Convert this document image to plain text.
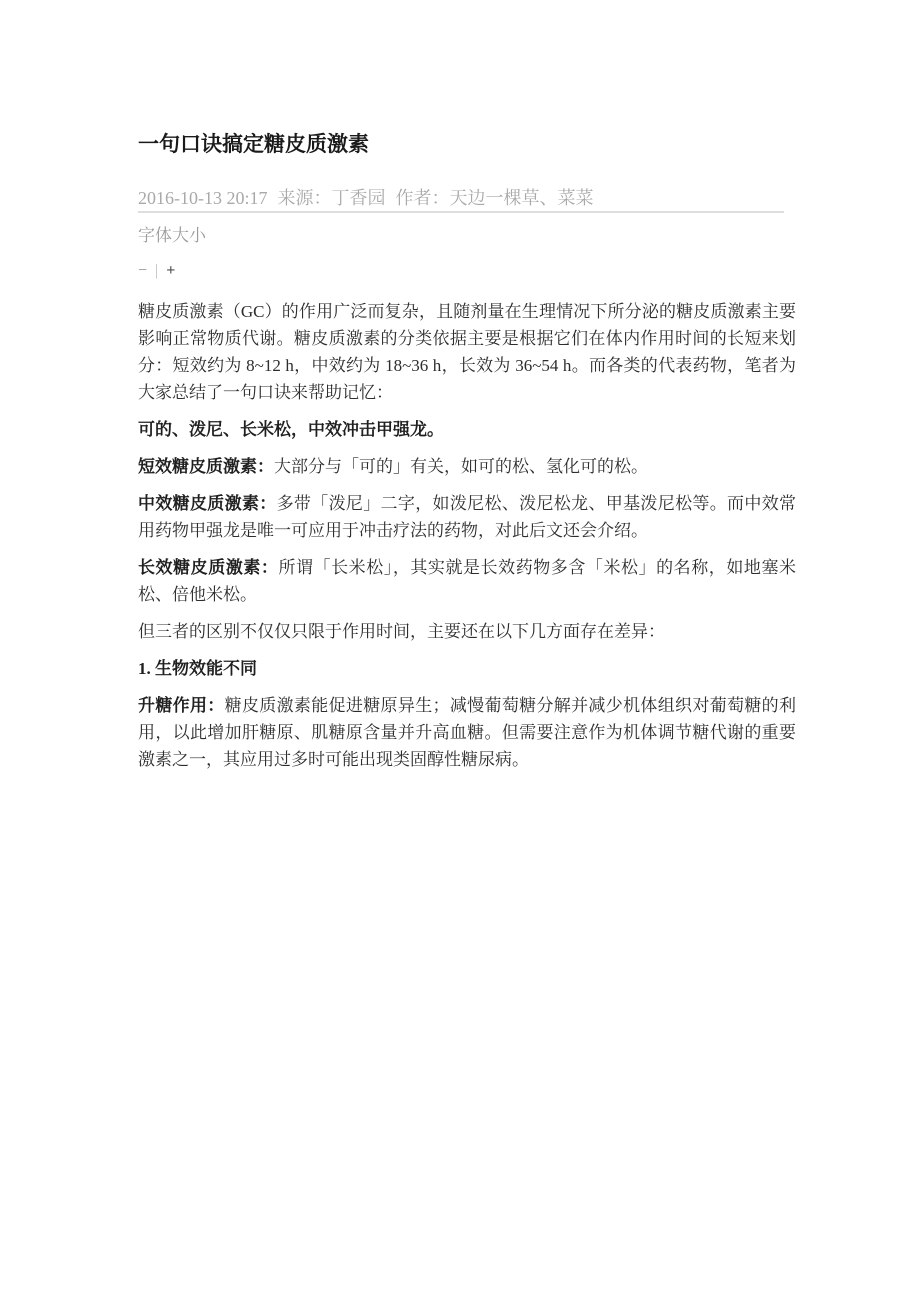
一句口诀搞定糖皮质激素
2016-10-13 20:17 来源：丁香园 作者：天边一棵草、菜菜
字体大小
− | +

糖皮质激素（GC）的作用广泛而复杂，且随剂量在生理情况下所分泌的糖皮质激素主要影响正常物质代谢。糖皮质激素的分类依据主要是根据它们在体内作用时间的长短来划分：短效约为 8~12 h，中效约为 18~36 h，长效为 36~54 h。而各类的代表药物，笔者为大家总结了一句口诀来帮助记忆：

可的、泼尼、长米松，中效冲击甲强龙。

短效糖皮质激素：大部分与「可的」有关，如可的松、氢化可的松。

中效糖皮质激素：多带「泼尼」二字，如泼尼松、泼尼松龙、甲基泼尼松等。而中效常用药物甲强龙是唯一可应用于冲击疗法的药物，对此后文还会介绍。

长效糖皮质激素：所谓「长米松」，其实就是长效药物多含「米松」的名称，如地塞米松、倍他米松。

但三者的区别不仅仅只限于作用时间，主要还在以下几方面存在差异：

1. 生物效能不同

升糖作用：糖皮质激素能促进糖原异生；减慢葡萄糖分解并减少机体组织对葡萄糖的利用，以此增加肝糖原、肌糖原含量并升高血糖。但需要注意作为机体调节糖代谢的重要激素之一，其应用过多时可能出现类固醇性糖尿病。
